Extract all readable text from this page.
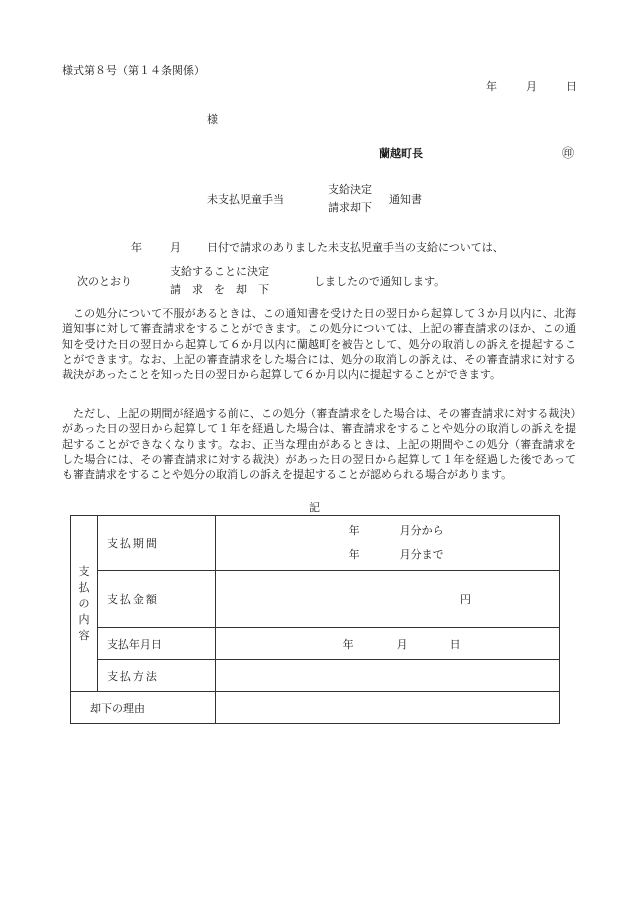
様式第８号（第１４条関係）
年	月	日
様
蘭越町長	㊞
未支払児童手当
支給決定
請求却下
通知書
年	月 日付で請求のありました未支払児童手当の支給については、
次のとおり
支給することに決定
請　求　を　却　下
しましたので通知します。

この処分について不服があるときは、この通知書を受けた日の翌日から起算して３か月以内に、北海道知事に対して審査請求をすることができます。この処分については、上記の審査請求のほか、この通知を受けた日の翌日から起算して６か月以内に蘭越町を被告として、処分の取消しの訴えを提起することができます。なお、上記の審査請求をした場合には、処分の取消しの訴えは、その審査請求に対する裁決があったことを知った日の翌日から起算して６か月以内に提起することができます。

ただし、上記の期間が経過する前に、この処分（審査請求をした場合は、その審査請求に対する裁決）があった日の翌日から起算して１年を経過した場合は、審査請求をすることや処分の取消しの訴えを提起することができなくなります。なお、正当な理由があるときは、上記の期間やこの処分（審査請求をした場合には、その審査請求に対する裁決）があった日の翌日から起算して１年を経過した後であっても審査請求をすることや処分の取消しの訴えを提起することが認められる場合があります。

記
支
払
の
内
容	支払期間	年 月分から
年 月分まで

	支払金額	円
	支払年月日	年 月 日
	支払方法	
却下の理由		
